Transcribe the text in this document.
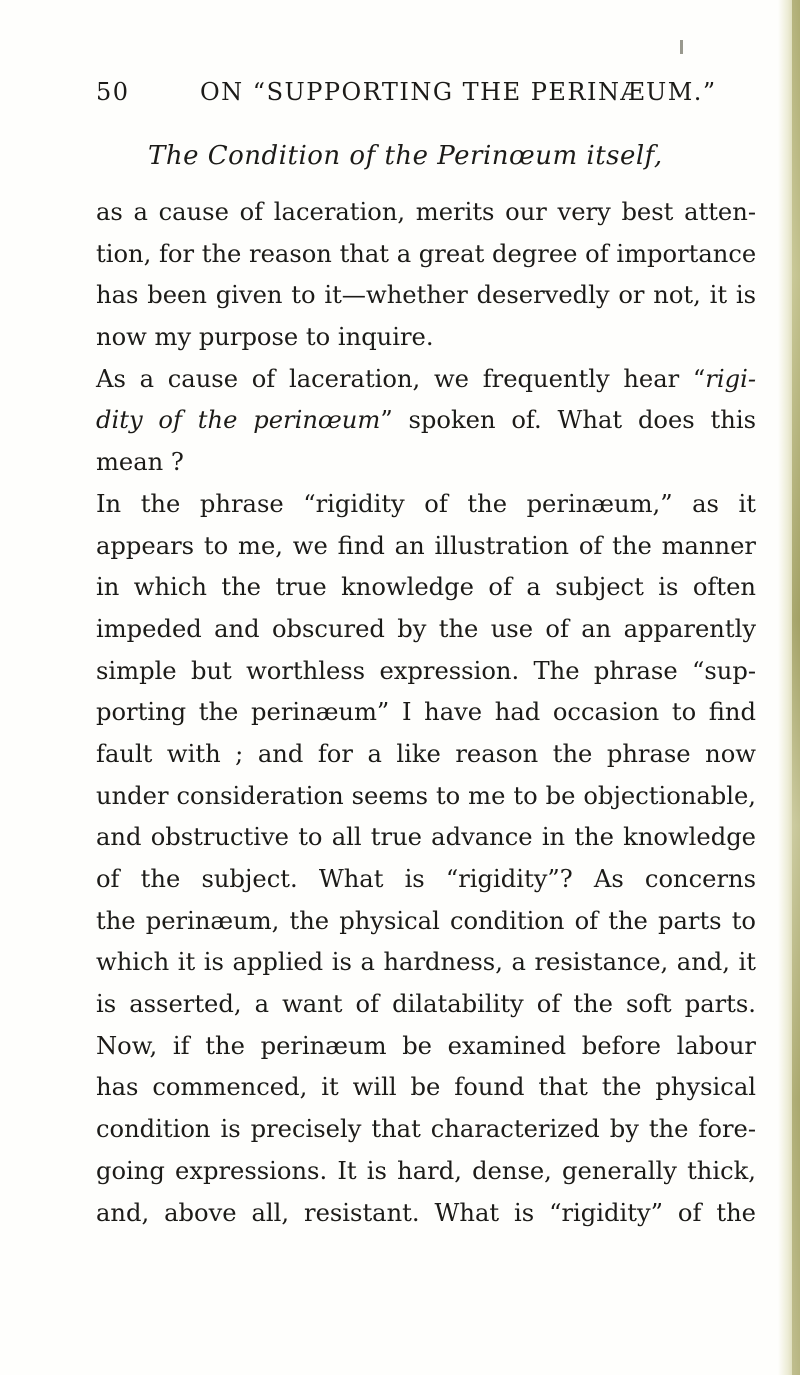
50	ON “SUPPORTING THE PERINÆUM.”
The Condition of the Perinœum itself,
as a cause of laceration, merits our very best atten-
tion, for the reason that a great degree of importance
has been given to it—whether deservedly or not, it is
now my purpose to inquire.
As a cause of laceration, we frequently hear “rigi-
dity of the perinœum” spoken of. What does this
mean ?
In the phrase “rigidity of the perinæum,” as it
appears to me, we find an illustration of the manner
in which the true knowledge of a subject is often
impeded and obscured by the use of an apparently
simple but worthless expression. The phrase “sup-
porting the perinæum” I have had occasion to find
fault with ; and for a like reason the phrase now
under consideration seems to me to be objectionable,
and obstructive to all true advance in the knowledge
of the subject. What is “rigidity”? As concerns
the perinæum, the physical condition of the parts to
which it is applied is a hardness, a resistance, and, it
is asserted, a want of dilatability of the soft parts.
Now, if the perinæum be examined before labour
has commenced, it will be found that the physical
condition is precisely that characterized by the fore-
going expressions. It is hard, dense, generally thick,
and, above all, resistant. What is “rigidity” of the
